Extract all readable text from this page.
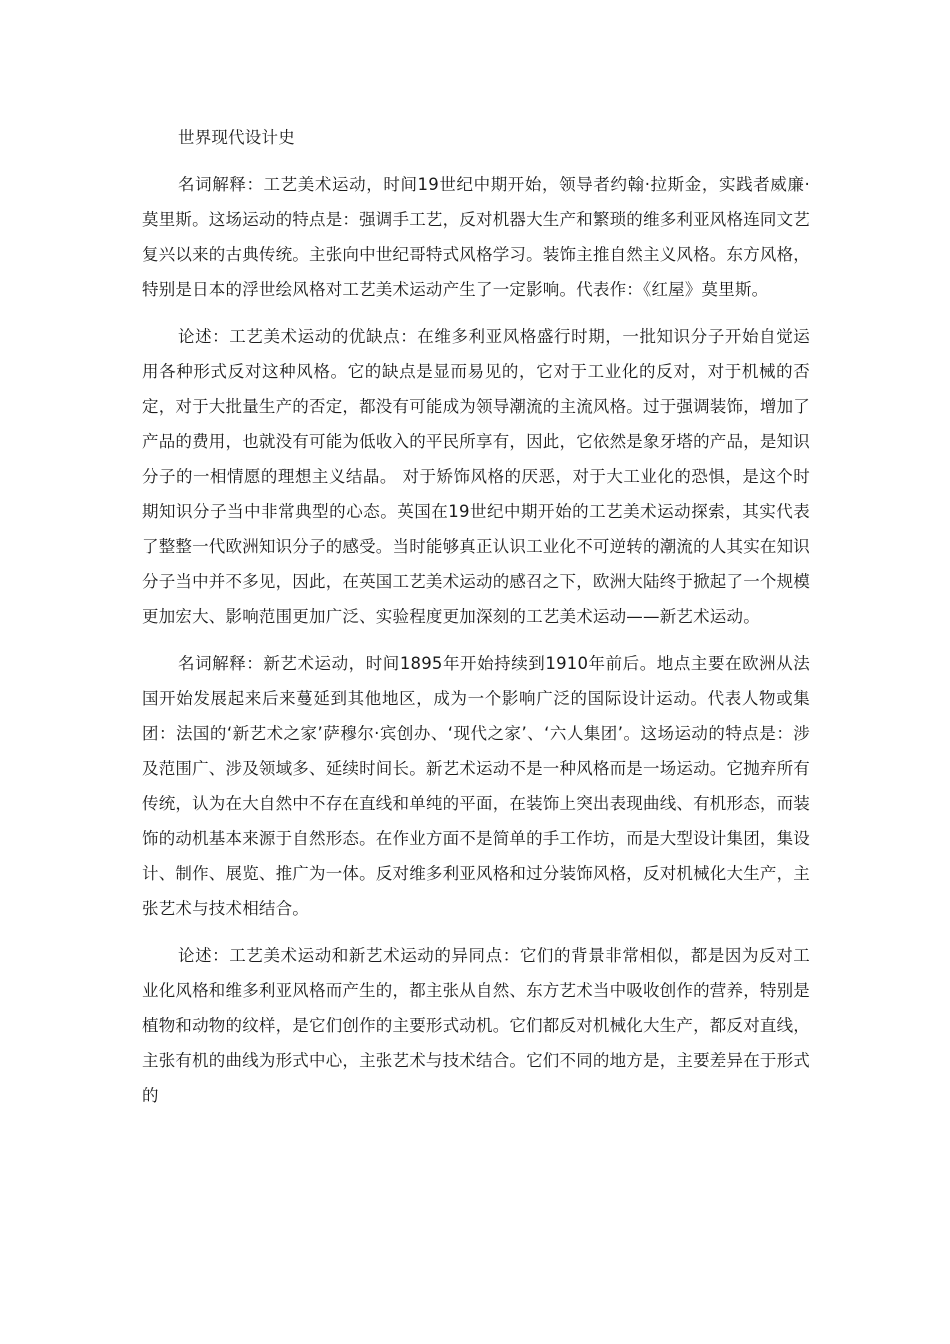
世界现代设计史

名词解释：工艺美术运动，时间19世纪中期开始，领导者约翰·拉斯金，实践者威廉·莫里斯。这场运动的特点是：强调手工艺，反对机器大生产和繁琐的维多利亚风格连同文艺复兴以来的古典传统。主张向中世纪哥特式风格学习。装饰主推自然主义风格。东方风格，特别是日本的浮世绘风格对工艺美术运动产生了一定影响。代表作：《红屋》莫里斯。

论述：工艺美术运动的优缺点：在维多利亚风格盛行时期，一批知识分子开始自觉运用各种形式反对这种风格。它的缺点是显而易见的，它对于工业化的反对，对于机械的否定，对于大批量生产的否定，都没有可能成为领导潮流的主流风格。过于强调装饰，增加了产品的费用，也就没有可能为低收入的平民所享有，因此，它依然是象牙塔的产品，是知识分子的一相情愿的理想主义结晶。 对于矫饰风格的厌恶，对于大工业化的恐惧，是这个时期知识分子当中非常典型的心态。英国在19世纪中期开始的工艺美术运动探索，其实代表了整整一代欧洲知识分子的感受。当时能够真正认识工业化不可逆转的潮流的人其实在知识分子当中并不多见，因此，在英国工艺美术运动的感召之下，欧洲大陆终于掀起了一个规模更加宏大、影响范围更加广泛、实验程度更加深刻的工艺美术运动——新艺术运动。

名词解释：新艺术运动，时间1895年开始持续到1910年前后。地点主要在欧洲从法国开始发展起来后来蔓延到其他地区，成为一个影响广泛的国际设计运动。代表人物或集团：法国的‘新艺术之家’萨穆尔·宾创办、‘现代之家’、‘六人集团’。这场运动的特点是：涉及范围广、涉及领域多、延续时间长。新艺术运动不是一种风格而是一场运动。它抛弃所有传统，认为在大自然中不存在直线和单纯的平面，在装饰上突出表现曲线、有机形态，而装饰的动机基本来源于自然形态。在作业方面不是简单的手工作坊，而是大型设计集团，集设计、制作、展览、推广为一体。反对维多利亚风格和过分装饰风格，反对机械化大生产，主张艺术与技术相结合。

论述：工艺美术运动和新艺术运动的异同点：它们的背景非常相似，都是因为反对工业化风格和维多利亚风格而产生的，都主张从自然、东方艺术当中吸收创作的营养，特别是植物和动物的纹样，是它们创作的主要形式动机。它们都反对机械化大生产，都反对直线，主张有机的曲线为形式中心，主张艺术与技术结合。它们不同的地方是，主要差异在于形式的
